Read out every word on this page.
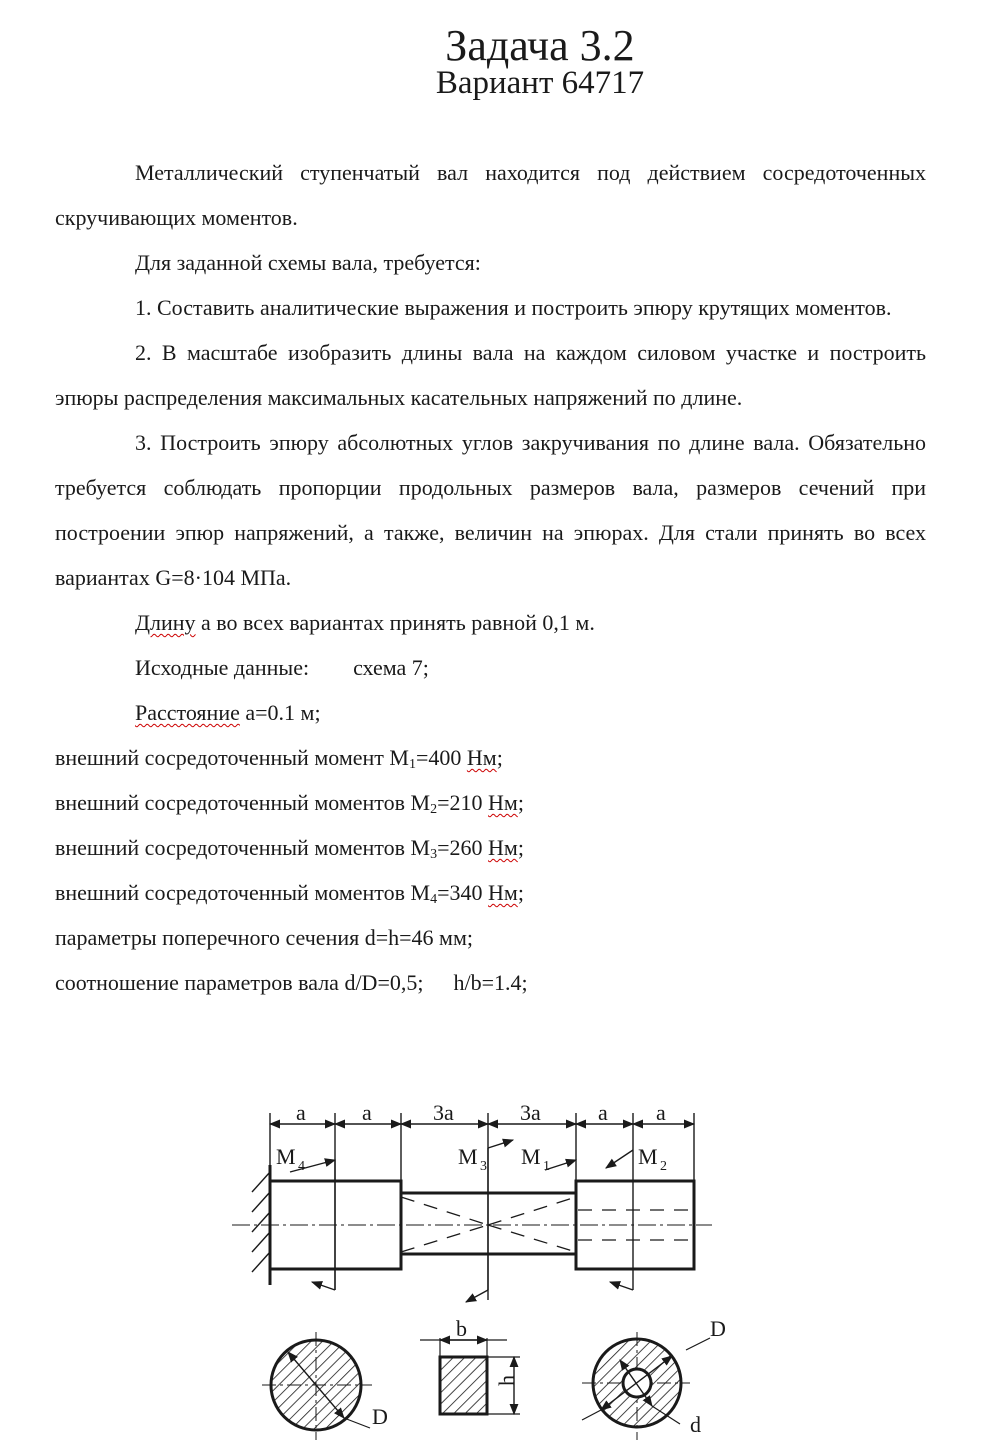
Задача 3.2
Вариант 64717

Металлический ступенчатый вал находится под действием сосредоточенных скручивающих моментов.

Для заданной схемы вала, требуется:

1. Составить аналитические выражения и построить эпюру крутящих моментов.

2. В масштабе изобразить длины вала на каждом силовом участке и построить эпюры распределения максимальных касательных напряжений по длине.

3. Построить эпюру абсолютных углов закручивания по длине вала. Обязательно требуется соблюдать пропорции продольных размеров вала, размеров сечений при построении эпюр напряжений, а также, величин на эпюрах. Для стали принять во всех вариантах G=8·104 МПа.

Длину а во всех вариантах принять равной 0,1 м.

Исходные данные: схема 7;

Расстояние а=0.1 м;

внешний сосредоточенный момент $М_1=400$ Нм;

внешний сосредоточенный моментов $М_2=210$ Нм;

внешний сосредоточенный моментов $М_3=260$ Нм;

внешний сосредоточенный моментов $М_4=340$ Нм;

параметры поперечного сечения d=h=46 мм;

соотношение параметров вала d/D=0,5; h/b=1.4;

a	a	3a	3a	a a
M 4	M 3 M 1	M 2
D
b
h
d
D
